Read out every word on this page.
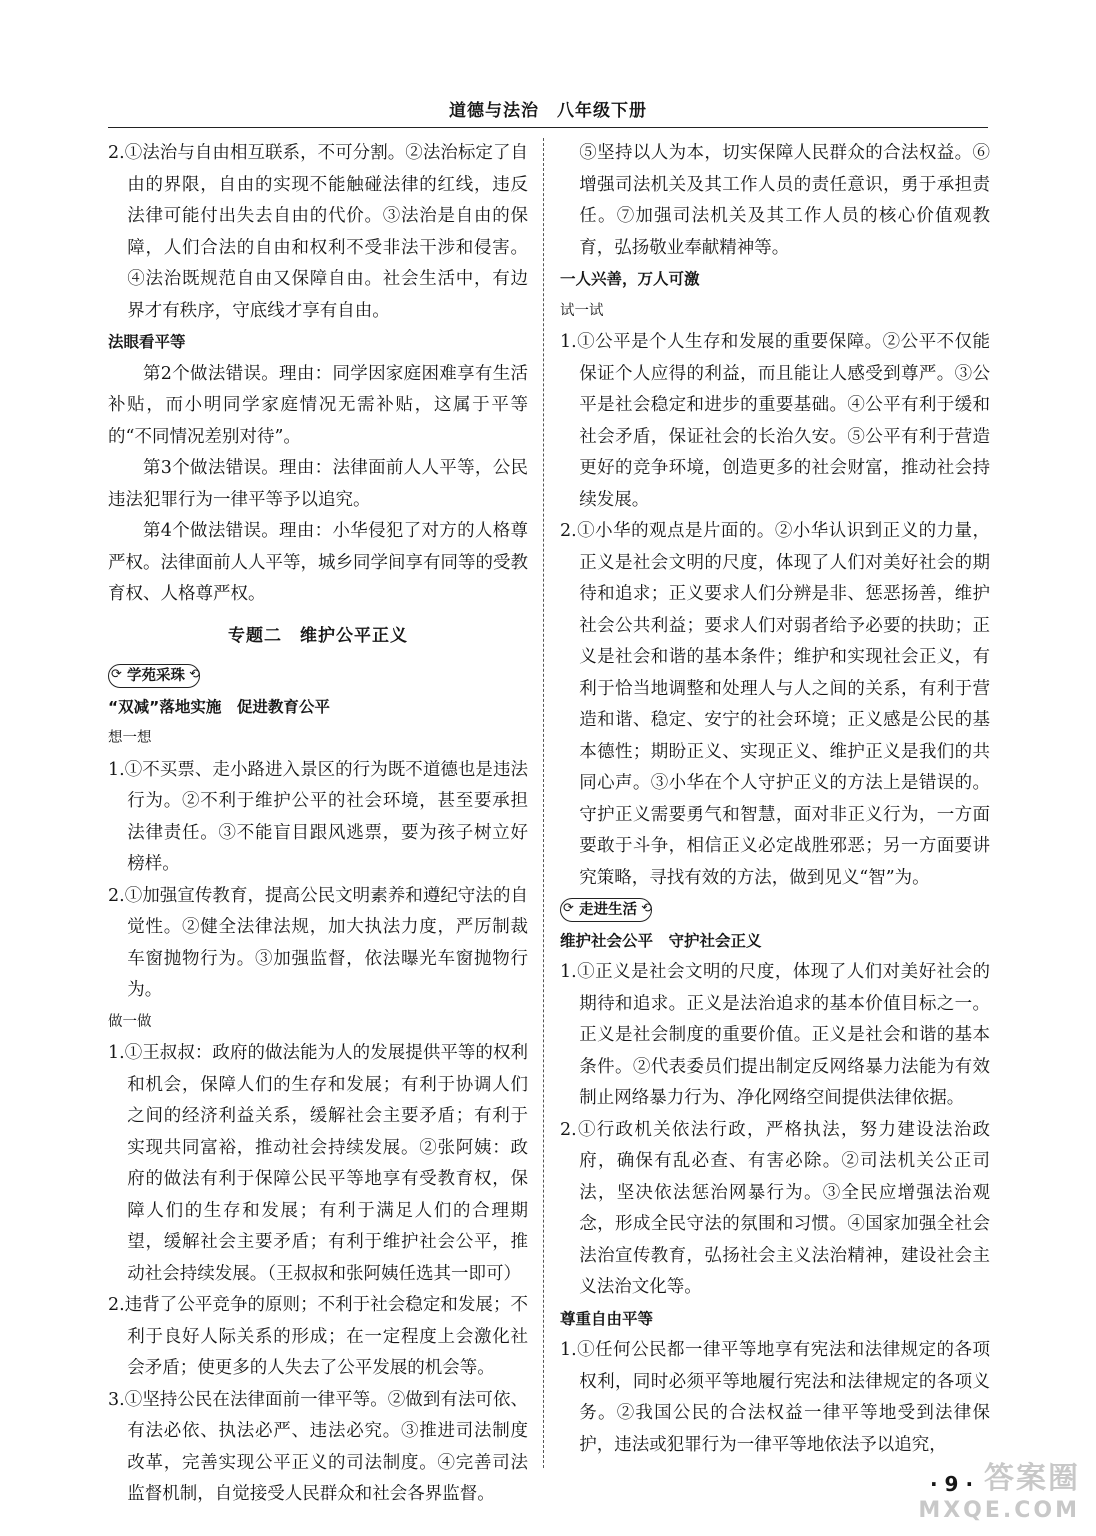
道德与法治　八年级下册

2.①法治与自由相互联系，不可分割。②法治标定了自由的界限，自由的实现不能触碰法律的红线，违反法律可能付出失去自由的代价。③法治是自由的保障，人们合法的自由和权利不受非法干涉和侵害。④法治既规范自由又保障自由。社会生活中，有边界才有秩序，守底线才享有自由。

法眼看平等

第2个做法错误。理由：同学因家庭困难享有生活补贴，而小明同学家庭情况无需补贴，这属于平等的“不同情况差别对待”。

第3个做法错误。理由：法律面前人人平等，公民违法犯罪行为一律平等予以追究。

第4个做法错误。理由：小华侵犯了对方的人格尊严权。法律面前人人平等，城乡同学间享有同等的受教育权、人格尊严权。

专题二　维护公平正义

⟳ 学苑采珠 ⟲

“双减”落地实施　促进教育公平

想一想

1.①不买票、走小路进入景区的行为既不道德也是违法行为。②不利于维护公平的社会环境，甚至要承担法律责任。③不能盲目跟风逃票，要为孩子树立好榜样。

2.①加强宣传教育，提高公民文明素养和遵纪守法的自觉性。②健全法律法规，加大执法力度，严厉制裁车窗抛物行为。③加强监督，依法曝光车窗抛物行为。

做一做

1.①王叔叔：政府的做法能为人的发展提供平等的权利和机会，保障人们的生存和发展；有利于协调人们之间的经济利益关系，缓解社会主要矛盾；有利于实现共同富裕，推动社会持续发展。②张阿姨：政府的做法有利于保障公民平等地享有受教育权，保障人们的生存和发展；有利于满足人们的合理期望，缓解社会主要矛盾；有利于维护社会公平，推动社会持续发展。（王叔叔和张阿姨任选其一即可）

2.违背了公平竞争的原则；不利于社会稳定和发展；不利于良好人际关系的形成；在一定程度上会激化社会矛盾；使更多的人失去了公平发展的机会等。

3.①坚持公民在法律面前一律平等。②做到有法可依、有法必依、执法必严、违法必究。③推进司法制度改革，完善实现公平正义的司法制度。④完善司法监督机制，自觉接受人民群众和社会各界监督。

⑤坚持以人为本，切实保障人民群众的合法权益。⑥增强司法机关及其工作人员的责任意识，勇于承担责任。⑦加强司法机关及其工作人员的核心价值观教育，弘扬敬业奉献精神等。

一人兴善，万人可激

试一试

1.①公平是个人生存和发展的重要保障。②公平不仅能保证个人应得的利益，而且能让人感受到尊严。③公平是社会稳定和进步的重要基础。④公平有利于缓和社会矛盾，保证社会的长治久安。⑤公平有利于营造更好的竞争环境，创造更多的社会财富，推动社会持续发展。

2.①小华的观点是片面的。②小华认识到正义的力量，正义是社会文明的尺度，体现了人们对美好社会的期待和追求；正义要求人们分辨是非、惩恶扬善，维护社会公共利益；要求人们对弱者给予必要的扶助；正义是社会和谐的基本条件；维护和实现社会正义，有利于恰当地调整和处理人与人之间的关系，有利于营造和谐、稳定、安宁的社会环境；正义感是公民的基本德性；期盼正义、实现正义、维护正义是我们的共同心声。③小华在个人守护正义的方法上是错误的。守护正义需要勇气和智慧，面对非正义行为，一方面要敢于斗争，相信正义必定战胜邪恶；另一方面要讲究策略，寻找有效的方法，做到见义“智”为。

⟳ 走进生活 ⟲

维护社会公平　守护社会正义

1.①正义是社会文明的尺度，体现了人们对美好社会的期待和追求。正义是法治追求的基本价值目标之一。正义是社会制度的重要价值。正义是社会和谐的基本条件。②代表委员们提出制定反网络暴力法能为有效制止网络暴力行为、净化网络空间提供法律依据。

2.①行政机关依法行政，严格执法，努力建设法治政府，确保有乱必查、有害必除。②司法机关公正司法，坚决依法惩治网暴行为。③全民应增强法治观念，形成全民守法的氛围和习惯。④国家加强全社会法治宣传教育，弘扬社会主义法治精神，建设社会主义法治文化等。

尊重自由平等

1.①任何公民都一律平等地享有宪法和法律规定的各项权利，同时必须平等地履行宪法和法律规定的各项义务。②我国公民的合法权益一律平等地受到法律保护，违法或犯罪行为一律平等地依法予以追究，

· 9 · 答案圈
MXQE.COM
